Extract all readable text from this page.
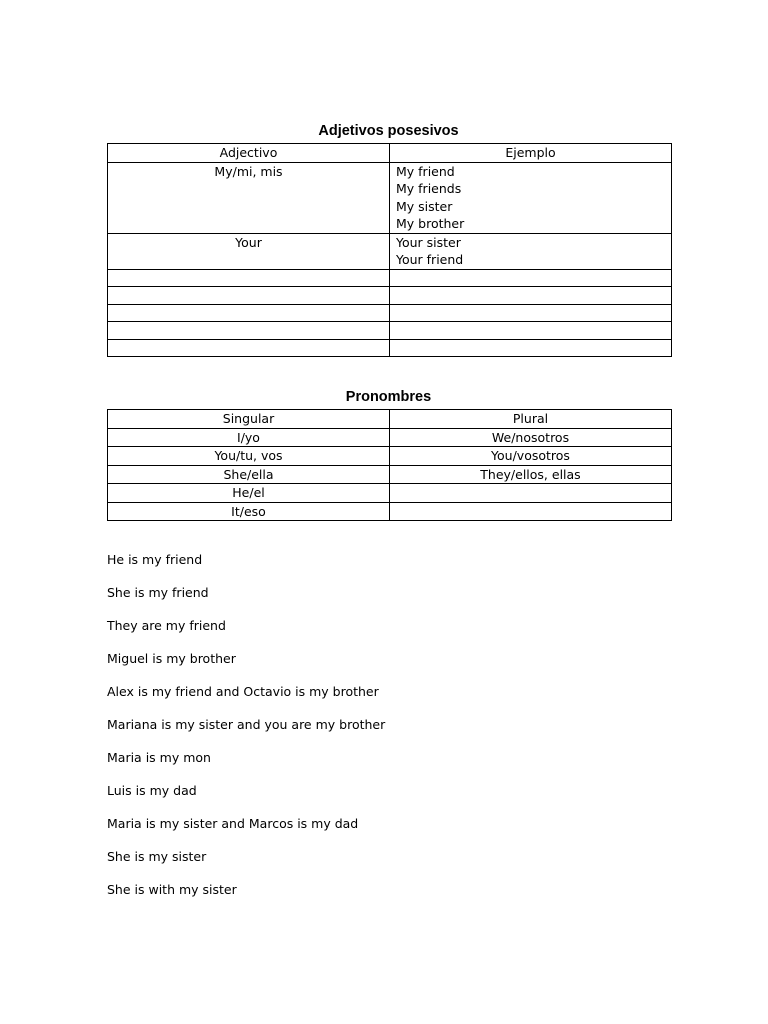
Adjetivos posesivos
Adjectivo	Ejemplo
My/mi, mis	My friend
My friends
My sister
My brother

Your	Your sister
Your friend

Pronombres
Singular	Plural
I/yo	We/nosotros
You/tu, vos	You/vosotros
She/ella	They/ellos, ellas
He/el	
It/eso	
He is my friend
She is my friend
They are my friend
Miguel is my brother
Alex is my friend and Octavio is my brother
Mariana is my sister and you are my brother
Maria is my mon
Luis is my dad
Maria is my sister and Marcos is my dad
She is my sister
She is with my sister
